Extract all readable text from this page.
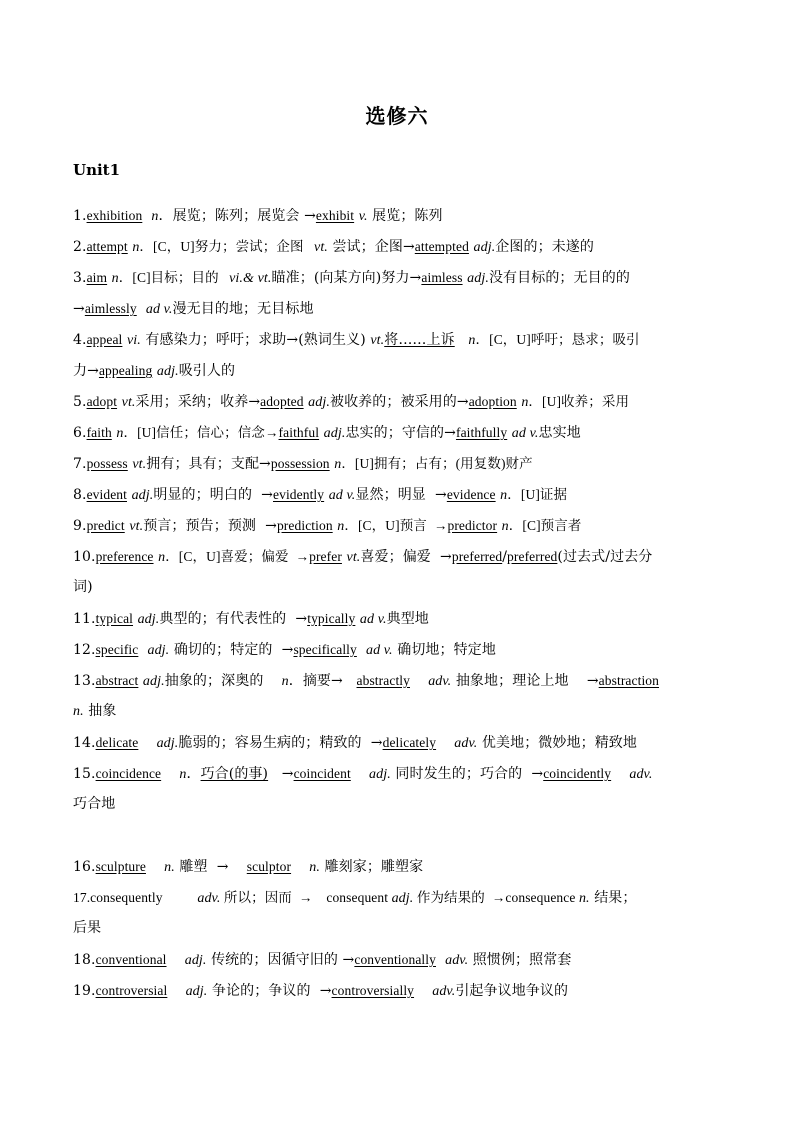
选修六
Unit1
1.exhibition n．展览；陈列；展览会 →exhibit v. 展览；陈列
2.attempt n．[C，U]努力；尝试；企图   vt. 尝试；企图→attempted adj.企图的；未遂的
3.aim n．[C]目标；目的   vi.& vt.瞄准；(向某方向)努力→aimless adj.没有目标的；无目的的
→aimlessly ad v.漫无目的地；无目标地
4.appeal vi. 有感染力；呼吁；求助→(熟词生义) vt.将……上诉 n．[C，U]呼吁；恳求；吸引
力→appealing adj.吸引人的
5.adopt vt.采用；采纳；收养→adopted adj.被收养的；被采用的→adoption n．[U]收养；采用
6.faith n．[U]信任；信心；信念→faithful adj.忠实的；守信的→faithfully ad v.忠实地
7.possess vt.拥有；具有；支配→possession n．[U]拥有；占有；(用复数)财产
8.evident adj.明显的；明白的  →evidently ad v.显然；明显  →evidence n．[U]证据
9.predict vt.预言；预告；预测  →prediction n．[C，U]预言  →predictor n．[C]预言者
10.preference n．[C，U]喜爱；偏爱  →prefer vt.喜爱；偏爱  →preferred/preferred(过去式/过去分
词)
11.typical adj.典型的；有代表性的  →typically ad v.典型地
12.specific adj. 确切的；特定的  →specifically ad v. 确切地；特定地
13.abstract adj.抽象的；深奥的    n．摘要→   abstractly adv. 抽象地；理论上地    →abstraction
n. 抽象
14.delicate adj.脆弱的；容易生病的；精致的  →delicately adv. 优美地；微妙地；精致地
15.coincidence n．巧合(的事)   →coincident adj. 同时发生的；巧合的  →coincidently adv.
巧合地
16.sculpture n. 雕塑  →    sculptor n. 雕刻家；雕塑家
17.consequently          adv. 所以；因而  →    consequent adj. 作为结果的  →consequence n. 结果；
后果
18.conventional adj. 传统的；因循守旧的 →conventionally adv. 照惯例；照常套
19.controversial adj. 争论的；争议的  →controversially adv.引起争议地争议的
